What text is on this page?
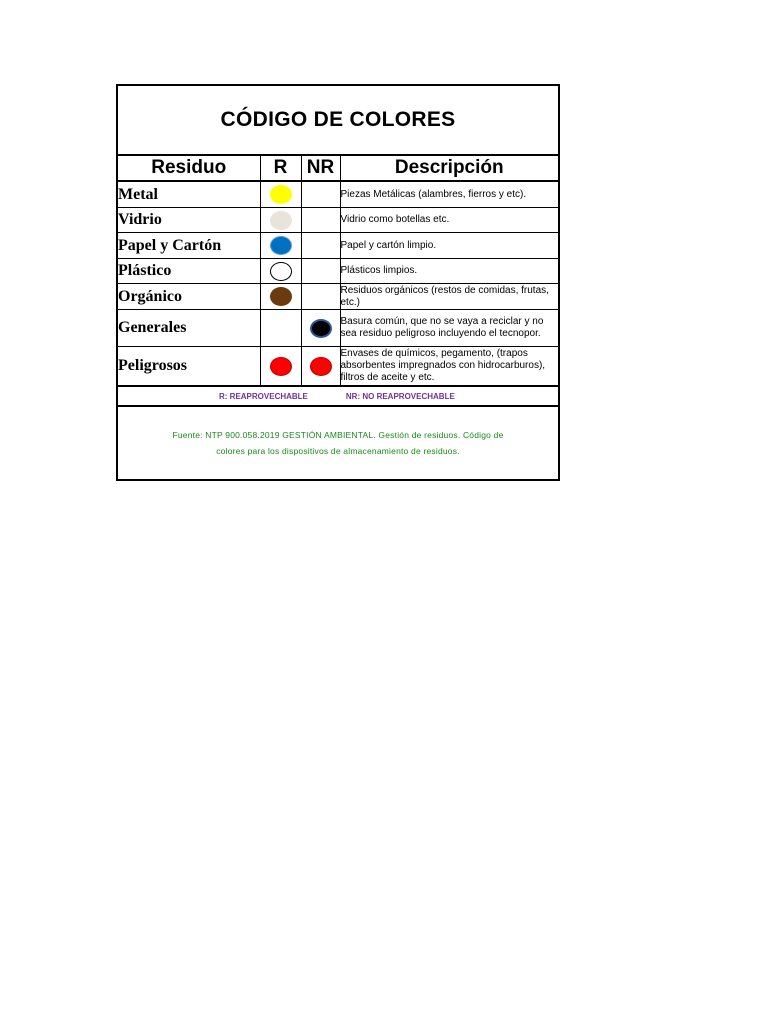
CÓDIGO DE COLORES
Residuo	R	NR	Descripción
Metal			Piezas Metálicas (alambres, fierros y etc).
Vidrio			Vidrio como botellas etc.
Papel y Cartón			Papel y cartón limpio.
Plástico			Plásticos limpios.
Orgánico			Residuos orgánicos (restos de comidas, frutas, etc.)
Generales			Basura común, que no se vaya a reciclar y no sea residuo peligroso incluyendo el tecnopor.
Peligrosos			Envases de químicos, pegamento, (trapos absorbentes impregnados con hidrocarburos), filtros de aceite y etc.
R: REAPROVECHABLE	NR: NO REAPROVECHABLE
Fuente: NTP 900.058.2019 GESTIÓN AMBIENTAL. Gestión de residuos. Código de
colores para los dispositivos de almacenamiento de residuos.
